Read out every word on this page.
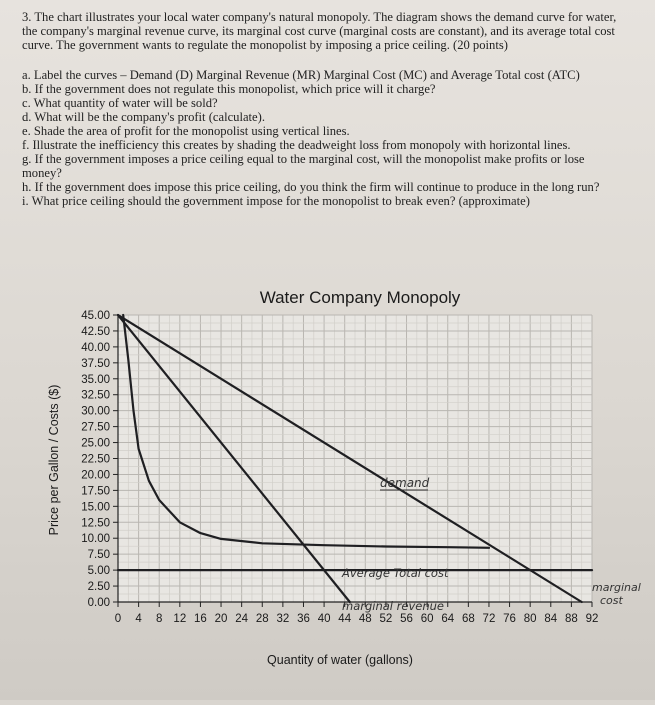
3. The chart illustrates your local water company's natural monopoly. The diagram shows the demand curve for water, the company's marginal revenue curve, its marginal cost curve (marginal costs are constant), and its average total cost curve. The government wants to regulate the monopolist by imposing a price ceiling. (20 points)

a. Label the curves – Demand (D) Marginal Revenue (MR) Marginal Cost (MC) and Average Total cost (ATC)

b. If the government does not regulate this monopolist, which price will it charge?

c. What quantity of water will be sold?

d. What will be the company's profit (calculate).

e. Shade the area of profit for the monopolist using vertical lines.

f. Illustrate the inefficiency this creates by shading the deadweight loss from monopoly with horizontal lines.

g. If the government imposes a price ceiling equal to the marginal cost, will the monopolist make profits or lose money?

h. If the government does impose this price ceiling, do you think the firm will continue to produce in the long run?

i. What price ceiling should the government impose for the monopolist to break even? (approximate)

45.00
42.50
40.00
37.50
35.00
32.50
30.00
27.50
25.00
22.50
20.00
17.50
15.00
12.50
10.00
7.50
5.00
2.50
0.00
0 4 8 12 16 20 24 28 32 36 40 44 48 52 56 60 64 68 72 76 80 84 88 92
Water Company Monopoly
Quantity of water (gallons)
Price per Gallon / Costs ($)	demand
Average Total cost
marginal revenue
marginal
cost
